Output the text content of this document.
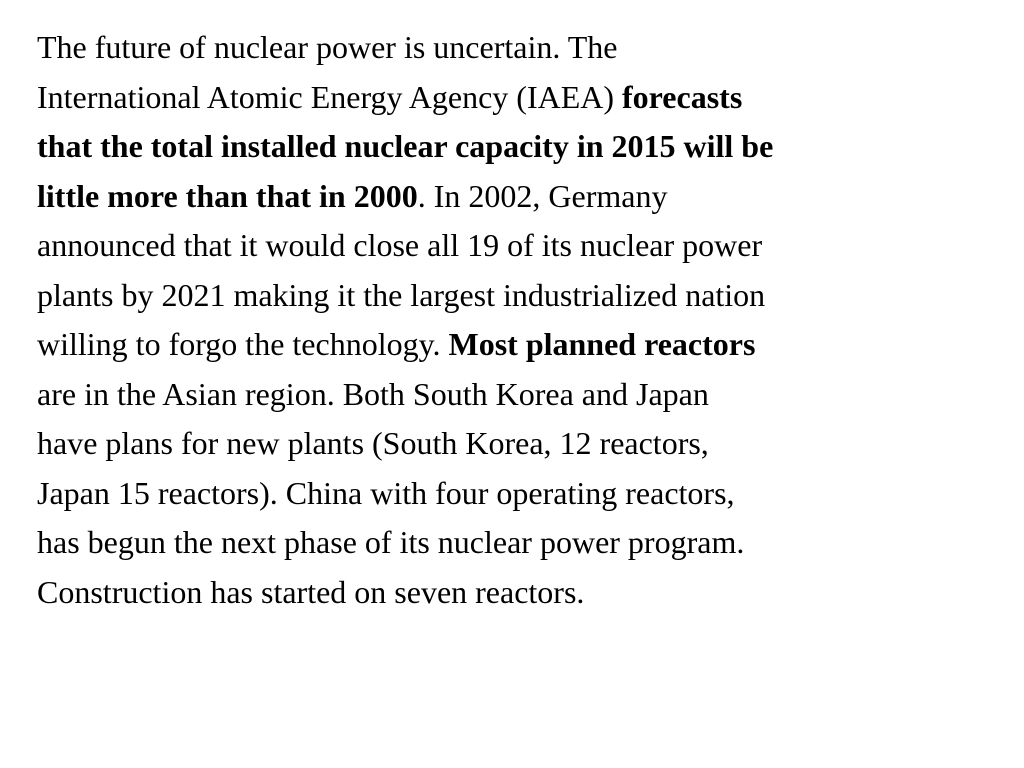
The future of nuclear power is uncertain. The
International Atomic Energy Agency (IAEA) forecasts
that the total installed nuclear capacity in 2015 will be
little more than that in 2000. In 2002, Germany
announced that it would close all 19 of its nuclear power
plants by 2021 making it the largest industrialized nation
willing to forgo the technology. Most planned reactors
are in the Asian region. Both South Korea and Japan
have plans for new plants (South Korea, 12 reactors,
Japan 15 reactors). China with four operating reactors,
has begun the next phase of its nuclear power program.
Construction has started on seven reactors.
